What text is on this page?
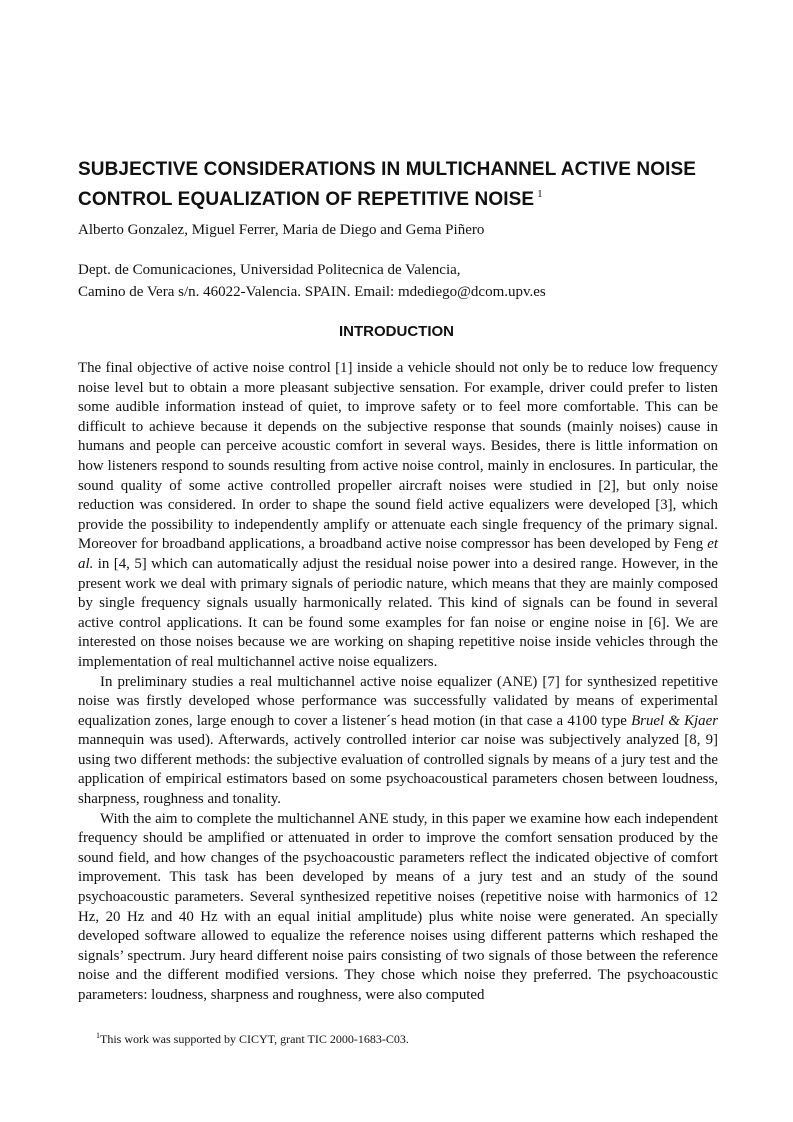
SUBJECTIVE CONSIDERATIONS IN MULTICHANNEL ACTIVE NOISE CONTROL EQUALIZATION OF REPETITIVE NOISE $^1$
Alberto Gonzalez, Miguel Ferrer, Maria de Diego and Gema Piñero
Dept. de Comunicaciones, Universidad Politecnica de Valencia,
Camino de Vera s/n. 46022-Valencia. SPAIN. Email: mdediego@dcom.upv.es
INTRODUCTION

The final objective of active noise control [1] inside a vehicle should not only be to reduce low frequency noise level but to obtain a more pleasant subjective sensation. For example, driver could prefer to listen some audible information instead of quiet, to improve safety or to feel more comfortable. This can be difficult to achieve because it depends on the subjective response that sounds (mainly noises) cause in humans and people can perceive acoustic comfort in several ways. Besides, there is little information on how listeners respond to sounds resulting from active noise control, mainly in enclosures. In particular, the sound quality of some active controlled propeller aircraft noises were studied in [2], but only noise reduction was considered. In order to shape the sound field active equalizers were developed [3], which provide the possibility to independently amplify or attenuate each single frequency of the primary signal. Moreover for broadband applications, a broadband active noise compressor has been developed by Feng et al. in [4, 5] which can automatically adjust the residual noise power into a desired range. However, in the present work we deal with primary signals of periodic nature, which means that they are mainly composed by single frequency signals usually harmonically related. This kind of signals can be found in several active control applications. It can be found some examples for fan noise or engine noise in [6]. We are interested on those noises because we are working on shaping repetitive noise inside vehicles through the implementation of real multichannel active noise equalizers.

In preliminary studies a real multichannel active noise equalizer (ANE) [7] for synthesized repetitive noise was firstly developed whose performance was successfully validated by means of experimental equalization zones, large enough to cover a listener´s head motion (in that case a 4100 type Bruel & Kjaer mannequin was used). Afterwards, actively controlled interior car noise was subjectively analyzed [8, 9] using two different methods: the subjective evaluation of controlled signals by means of a jury test and the application of empirical estimators based on some psychoacoustical parameters chosen between loudness, sharpness, roughness and tonality.

With the aim to complete the multichannel ANE study, in this paper we examine how each independent frequency should be amplified or attenuated in order to improve the comfort sensation produced by the sound field, and how changes of the psychoacoustic parameters reflect the indicated objective of comfort improvement. This task has been developed by means of a jury test and an study of the sound psychoacoustic parameters. Several synthesized repetitive noises (repetitive noise with harmonics of 12 Hz, 20 Hz and 40 Hz with an equal initial amplitude) plus white noise were generated. An specially developed software allowed to equalize the reference noises using different patterns which reshaped the signals’ spectrum. Jury heard different noise pairs consisting of two signals of those between the reference noise and the different modified versions. They chose which noise they preferred. The psychoacoustic parameters: loudness, sharpness and roughness, were also computed

$^1$This work was supported by CICYT, grant TIC 2000-1683-C03.
